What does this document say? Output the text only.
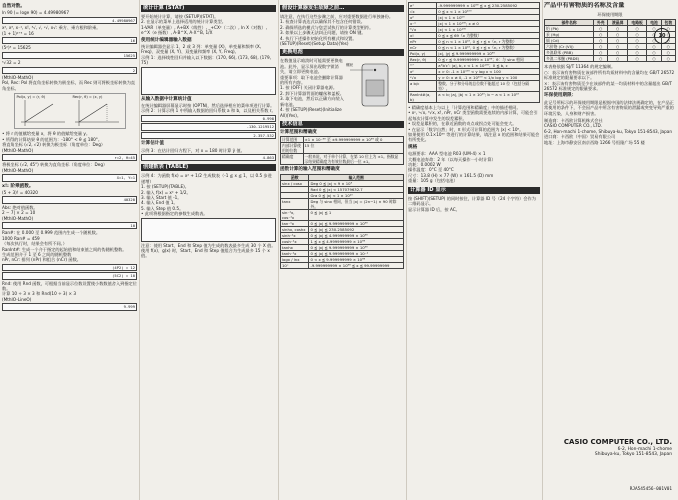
自然对数。
ln 90 (= loge 90) = 4.49980967
4.49980967
x², x³, x⁻¹, x!, ³√, √, ʸ√, x√: 乘方、乘方根和阶乘。
(1 + 1)²⁺³ = 16
16
(5²)³ = 15625
15625
⁵√32 = 2
2
(MthIO-MathO)
Pol, Rec: Pol 将直角坐标转换为极坐标，而 Rec 则可将极坐标转换为直角坐标。
Pol(x, y) = (r, θ)	Rec(r, θ) = (x, y)
• 将 r 的值赋给变量 x，将 θ 的值赋给变量 y。
• 所得的计算结果 θ 的范围为：-180° < θ ≦ 180°。
将直角坐标 (√2, √2) 转换为极坐标（角度单位：Deg）
(MthIO-MathO)
r=2, θ=45
将极坐标 (√2, 45°) 转换为直角坐标（角度单位：Deg）
(MthIO-MathO)
X=1, Y=1
x!: 阶乘函数。
(5 + 3)! = 40320
40320
Abs: 绝对值函数。
2 − 7| × 2 = 10
(MthIO-MathO)
10
Ran#: 在 0.000 至 0.999 范围内生成一个随机数。
1000 Ran# = 459
（每次执行时，结果会有所不同。）
RanInt#: 生成一个介于指定的起始值和结束值之间的伪随机整数。
生成范围介于 1 至 6 之间的随机整数
nPr, nCr: 排列 (nPr) 和组合 (nCr) 函数。
(4P2) = 12
(5C2) = 10
Rnd: 使用 Rnd 函数，可根据当前显示位数设置使小数数值舍入到指定位数。
计算 10 ÷ 3 × 3 和 Rnd(10 ÷ 3) × 3
(MthIO-LineO)
9.999
统计计算 (STAT)
要开始统计计算，请按 (SETUP)(STAT)。
2. 在显示的菜单上选择适用的统计计算类型。
1-VAR（单变量）, A+BX（线性）, _+CX²（二次）, ln X（对数）, e^X（e 指数）, A·B^X, A·X^B, 1/X
使用统计编辑器输入数据
统计编辑器会显示 1、2 或 3 列：单变量 (X)、单变量和频率 (X, Freq)、双变量 (X, Y)、双变量和频率 (X, Y, Freq)。
示例 1：选择线性回归并输入以下数据：(170, 66), (173, 68), (179, 75)
从输入数据中计算统计值
在统计编辑器屏幕显示时按 (OPTN)，然后选择相应的菜单项进行计算。
示例 2：计算示例 1 中所输入数据的回归系数 a 和 b，以及相关系数 r。
0.998
-130.1219512
2.357.532
计算估计值
示例 3：在估计回归方程下，对 x = 180 时计算 ŷ 值。
4.863
创建数表 (TABLE)
示例 4：为函数 f(x) = x² + 1/2 生成数表（-1 ≦ x ≦ 1，以 0.5 步进递增）
1. 按 (SETUP)(TABLE)。
2. 输入 f(x) = x² + 1/2。
3. 输入 Start 值 -1。
4. 输入 End 值 1。
5. 输入 Step 值 0.5。
• 此项将根据指定的参数生成数表。
注意：使用 Start、End 和 Step 值为生成的数表最多生成 30 个 X 值。使用 f(x)、g(x) 时，Start、End 和 Step 值组合为生成最多 15 个 x 值。
假设计算器发生故障之前…
请注意，在执行这些步骤之前，应对重要数据进行单独备份。
1. 检查计算表达式以确保其不包含任何错误。
2. 确保所选的模式与您尝试执行的计算类型相符。
3. 如果以上步骤无法纠正问题，请按 ON 键。
4. 执行下述操作初始化所有模式和设置。
(SETUP)(Reset)(Setup Data)(Yes)
更换电池
在数值显示暗淡时可能需要更换电池。此外，显示屏出现数字锁消失，请立即更换电池。
重要事项：取下电池会删除计算器的所有内容。
1. 按 (OFF) 关闭计算器电源。
2. 卸下计算器背面的螺丝和盖板。
3. 取下电池，然后以正确方向装入新电池。
4. 按 (SETUP)(Reset)(Initialize All)(Yes)。
螺丝
技术信息
计算范围和精确度
计算范围	±1 × 10⁻⁹⁹ 至 ±9.999999999 × 10⁹⁹ 或 0
内部计算使用的位数	15 位
精确度	一般来说，对于单个计算，在第 10 位上为 ±1。指数显示结果精确度为有效位数最后一位 ±1。
函数计算的输入范围和精确度
函数	输入范围
sinx / cosx	Deg 0 ≦ |x| < 9 × 10⁹
	Rad 0 ≦ |x| < 157079632.7
	Gra 0 ≦ |x| < 1 × 10¹⁰
tanx	Deg 与 sinx 相同，但当 |x| = (2n−1) × 90 时除外。
sin⁻¹x, cos⁻¹x	0 ≦ |x| ≦ 1
tan⁻¹x	0 ≦ |x| ≦ 9.999999999 × 10⁹⁹
sinhx, coshx	0 ≦ |x| ≦ 230.2585092
sinh⁻¹x	0 ≦ |x| ≦ 4.999999999 × 10⁹⁹
cosh⁻¹x	1 ≦ x ≦ 4.999999999 × 10⁹⁹
tanhx	0 ≦ |x| ≦ 9.999999999 × 10⁹⁹
tanh⁻¹x	0 ≦ |x| ≦ 9.999999999 × 10⁻¹
logx / lnx	0 < x ≦ 9.999999999 × 10⁹⁹
10ˣ	-9.999999999 × 10⁹⁹ ≦ x ≦ 99.99999999
eˣ	-9.999999999 × 10⁹⁹ ≦ x ≦ 230.2585092
√x	0 ≦ x < 1 × 10¹⁰⁰
x²	|x| < 1 × 10⁵⁰
x⁻¹	|x| < 1 × 10¹⁰⁰; x ≠ 0
³√x	|x| < 1 × 10¹⁰⁰
x!	0 ≦ x ≦ 69（x 为整数）
nPr	0 ≦ n < 1 × 10¹⁰, 0 ≦ r ≦ n（n, r 为整数）
nCr	0 ≦ n < 1 × 10¹⁰, 0 ≦ r ≦ n（n, r 为整数）
Pol(x, y)	|x|, |y| ≦ 9.999999999 × 10⁹⁹
Rec(r, θ)	0 ≦ r ≦ 9.999999999 × 10⁹⁹；θ：与 sinx 相同
°′″	a°b′c″: |a|, b, c < 1 × 10¹⁰⁰；0 ≦ b, c
xʸ	x > 0: -1 × 10¹⁰⁰ < y log x < 100
ʸ√x	y > 0: x ≠ 0, -1 × 10¹⁰⁰ < 1/x log y < 100
a b/c	整数、分子和分母的总位数不能超过 10 位（包括分隔符）。
RanInt#(a, b)	a < b; |a|, |b| < 1 × 10¹⁰; b − a < 1 × 10¹⁰
• 精确度基本上与以上「计算范围和精确度」中的描述相同。
• xʸ, ʸ√x, ³√x, x!, nPr, nCr 类型函数需要连续的内部计算，可能会引起每次计算中发生的误差累积。
• 误差是累积的，在靠近函数的奇点或拐点处可能会变大。
• 在显示「数学自然」时，π 形式可计算的范围为 |x| < 10⁶。
如果使用 0.1×10⁶⁰ 等进行的计算结果，请注意 x 的范围和结果可能会有所变化。
规格
电源要求：AAA 型电池 R03 (UM-4) × 1
大概电池寿命：2 年（以每天操作一小时计算）
功耗：0.0002 W
操作温度：0°C 至 40°C
尺寸：13.8 (H) × 77 (W) × 161.5 (D) mm
重量：105 g（包括电池）
计算器 ID 显示
按 (SHIFT)(SETUP) 的同时按住，计算器 ID 号（24 个字符）会作为二维码显示。
显示计算器 ID 后，按 AC。
产品中有害物质的名称及含量
10
环保使用期限
部件名称	外壳	液晶屏	电路板	电池	包装
铅 (Pb)	○	○	○	○	○
汞 (Hg)	○	○	○	○	○
镉 (Cd)	○	○	○	○	○
六价铬 (Cr (VI))	○	○	○	○	○
多溴联苯 (PBB)	○	○	○	○	○
多溴二苯醚 (PBDE)	○	○	○	○	○
本表格依据 SJ/T 11364 的规定编制。
○：表示该有害物质在该部件所有均质材料中的含量均在 GB/T 26572 标准规定的限量要求以下。
×：表示该有害物质至少在该部件的某一均质材料中的含量超出 GB/T 26572 标准规定的限量要求。
环保使用期限：
此记号所标示的环保使用期限是根据中国的法律法规确定的，在产品正常使用的条件下，不会因产品中所含有害物质的泄漏或突变导致严重的环境污染、人身和财产损害。
制造商：卡西欧计算机株式会社
CASIO COMPUTER CO., LTD.
6-2, Hon-machi 1-chome, Shibuya-ku, Tokyo 151-8543, Japan
进口商：卡西欧（中国）贸易有限公司
地址：上海市静安区南京西路 1266 号恒隆广场 55 楼
CASIO COMPUTER CO., LTD.
6-2, Hon-machi 1-chome
Shibuya-ku, Tokyo 151-8543, Japan
RJA545456-001V01
